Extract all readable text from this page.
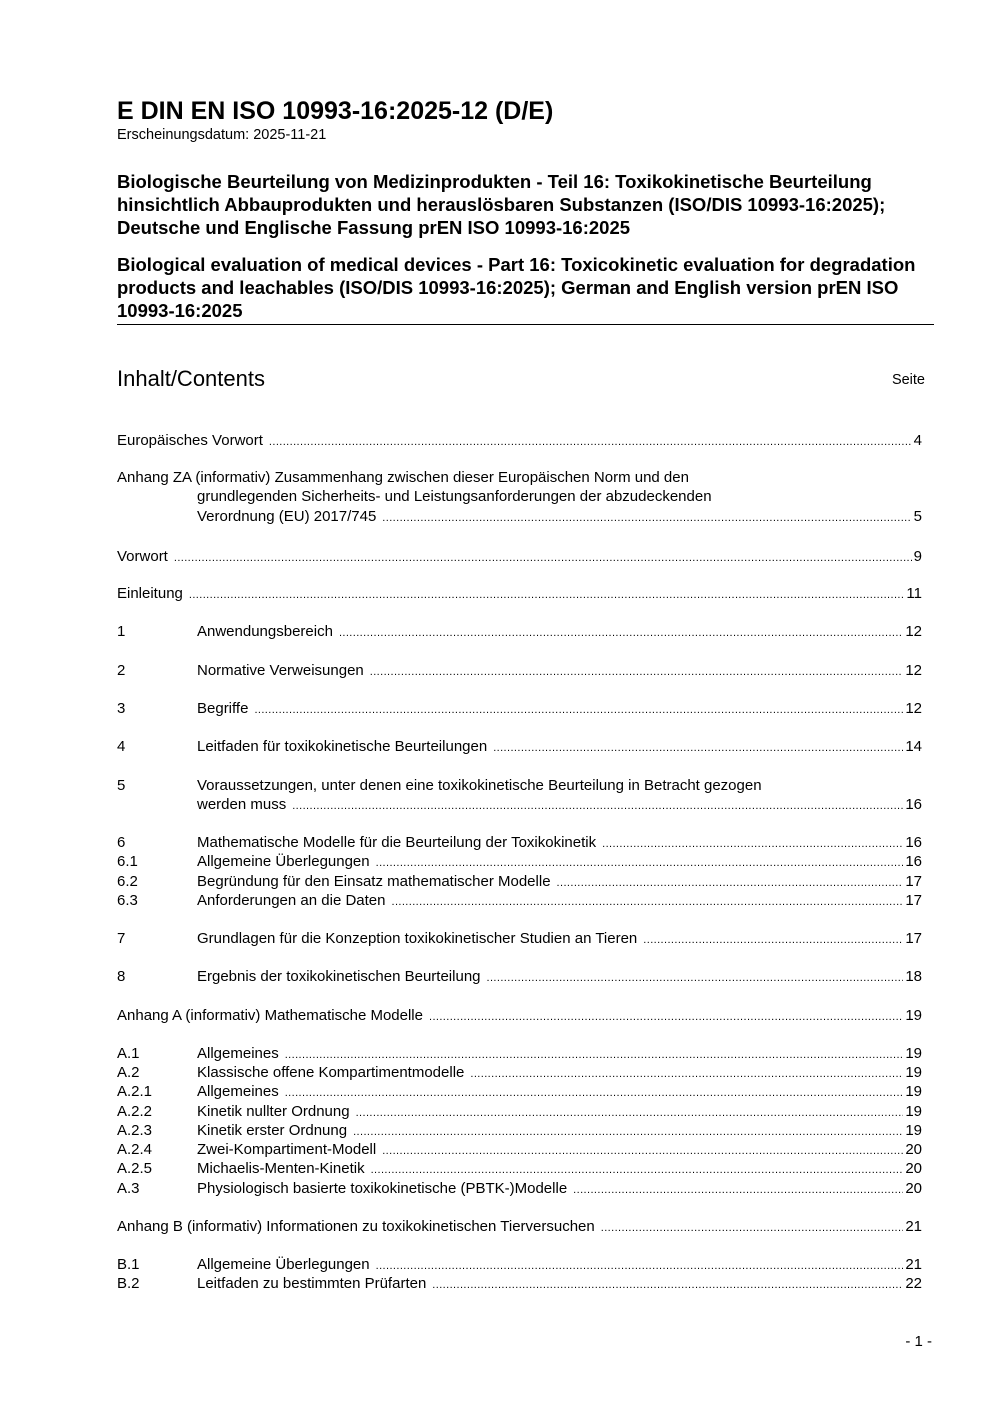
E DIN EN ISO 10993-16:2025-12 (D/E)
Erscheinungsdatum: 2025-11-21
Biologische Beurteilung von Medizinprodukten - Teil 16: Toxikokinetische Beurteilung hinsichtlich Abbauprodukten und herauslösbaren Substanzen (ISO/DIS 10993-16:2025); Deutsche und Englische Fassung prEN ISO 10993-16:2025
Biological evaluation of medical devices - Part 16: Toxicokinetic evaluation for degradation products and leachables (ISO/DIS 10993-16:2025); German and English version prEN ISO 10993-16:2025
Inhalt/Contents	Seite
Europäisches Vorwort .....	4
Anhang ZA (informativ) Zusammenhang zwischen dieser Europäischen Norm und den
grundlegenden Sicherheits- und Leistungsanforderungen der abzudeckenden
Verordnung (EU) 2017/745 .....	5
Vorwort .....	9
Einleitung .....	11
1	Anwendungsbereich .....	12
2	Normative Verweisungen .....	12
3	Begriffe .....	12
4	Leitfaden für toxikokinetische Beurteilungen .....	14
5	Voraussetzungen, unter denen eine toxikokinetische Beurteilung in Betracht gezogen
werden muss .....	16
6	Mathematische Modelle für die Beurteilung der Toxikokinetik .....	16
6.1	Allgemeine Überlegungen .....	16
6.2	Begründung für den Einsatz mathematischer Modelle .....	17
6.3	Anforderungen an die Daten .....	17
7	Grundlagen für die Konzeption toxikokinetischer Studien an Tieren .....	17
8	Ergebnis der toxikokinetischen Beurteilung .....	18
Anhang A (informativ) Mathematische Modelle .....	19
A.1	Allgemeines .....	19
A.2	Klassische offene Kompartimentmodelle .....	19
A.2.1	Allgemeines .....	19
A.2.2	Kinetik nullter Ordnung .....	19
A.2.3	Kinetik erster Ordnung .....	19
A.2.4	Zwei-Kompartiment-Modell .....	20
A.2.5	Michaelis-Menten-Kinetik .....	20
A.3	Physiologisch basierte toxikokinetische (PBTK-)Modelle .....	20
Anhang B (informativ) Informationen zu toxikokinetischen Tierversuchen .....	21
B.1	Allgemeine Überlegungen .....	21
B.2	Leitfaden zu bestimmten Prüfarten .....	22
- 1 -
